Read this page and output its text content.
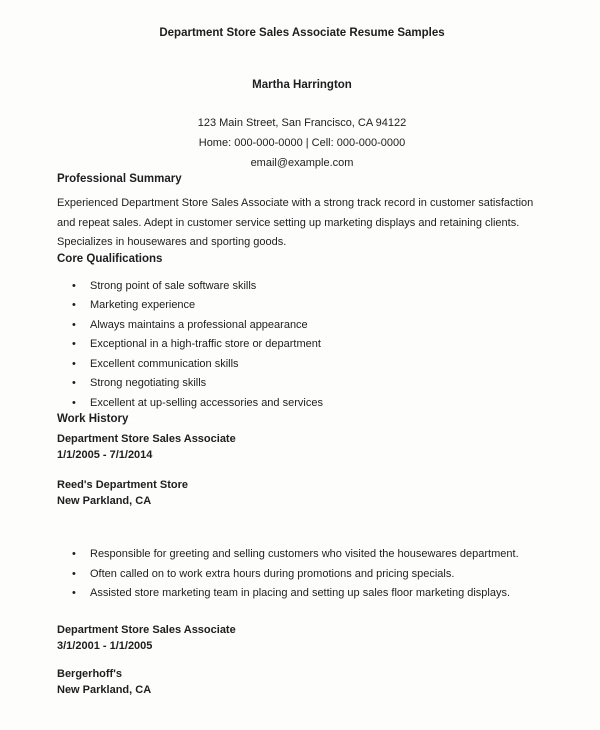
Department Store Sales Associate Resume Samples
Martha Harrington
123 Main Street, San Francisco, CA 94122
Home: 000-000-0000 | Cell: 000-000-0000
email@example.com
Professional Summary

Experienced Department Store Sales Associate with a strong track record in customer satisfaction and repeat sales. Adept in customer service setting up marketing displays and retaining clients. Specializes in housewares and sporting goods.

Core Qualifications
• Strong point of sale software skills
• Marketing experience
• Always maintains a professional appearance
• Exceptional in a high-traffic store or department
• Excellent communication skills
• Strong negotiating skills
• Excellent at up-selling accessories and services
Work History
Department Store Sales Associate
1/1/2005 - 7/1/2014
Reed's Department Store
New Parkland, CA
• Responsible for greeting and selling customers who visited the housewares department.
• Often called on to work extra hours during promotions and pricing specials.
• Assisted store marketing team in placing and setting up sales floor marketing displays.
Department Store Sales Associate
3/1/2001 - 1/1/2005
Bergerhoff's
New Parkland, CA
